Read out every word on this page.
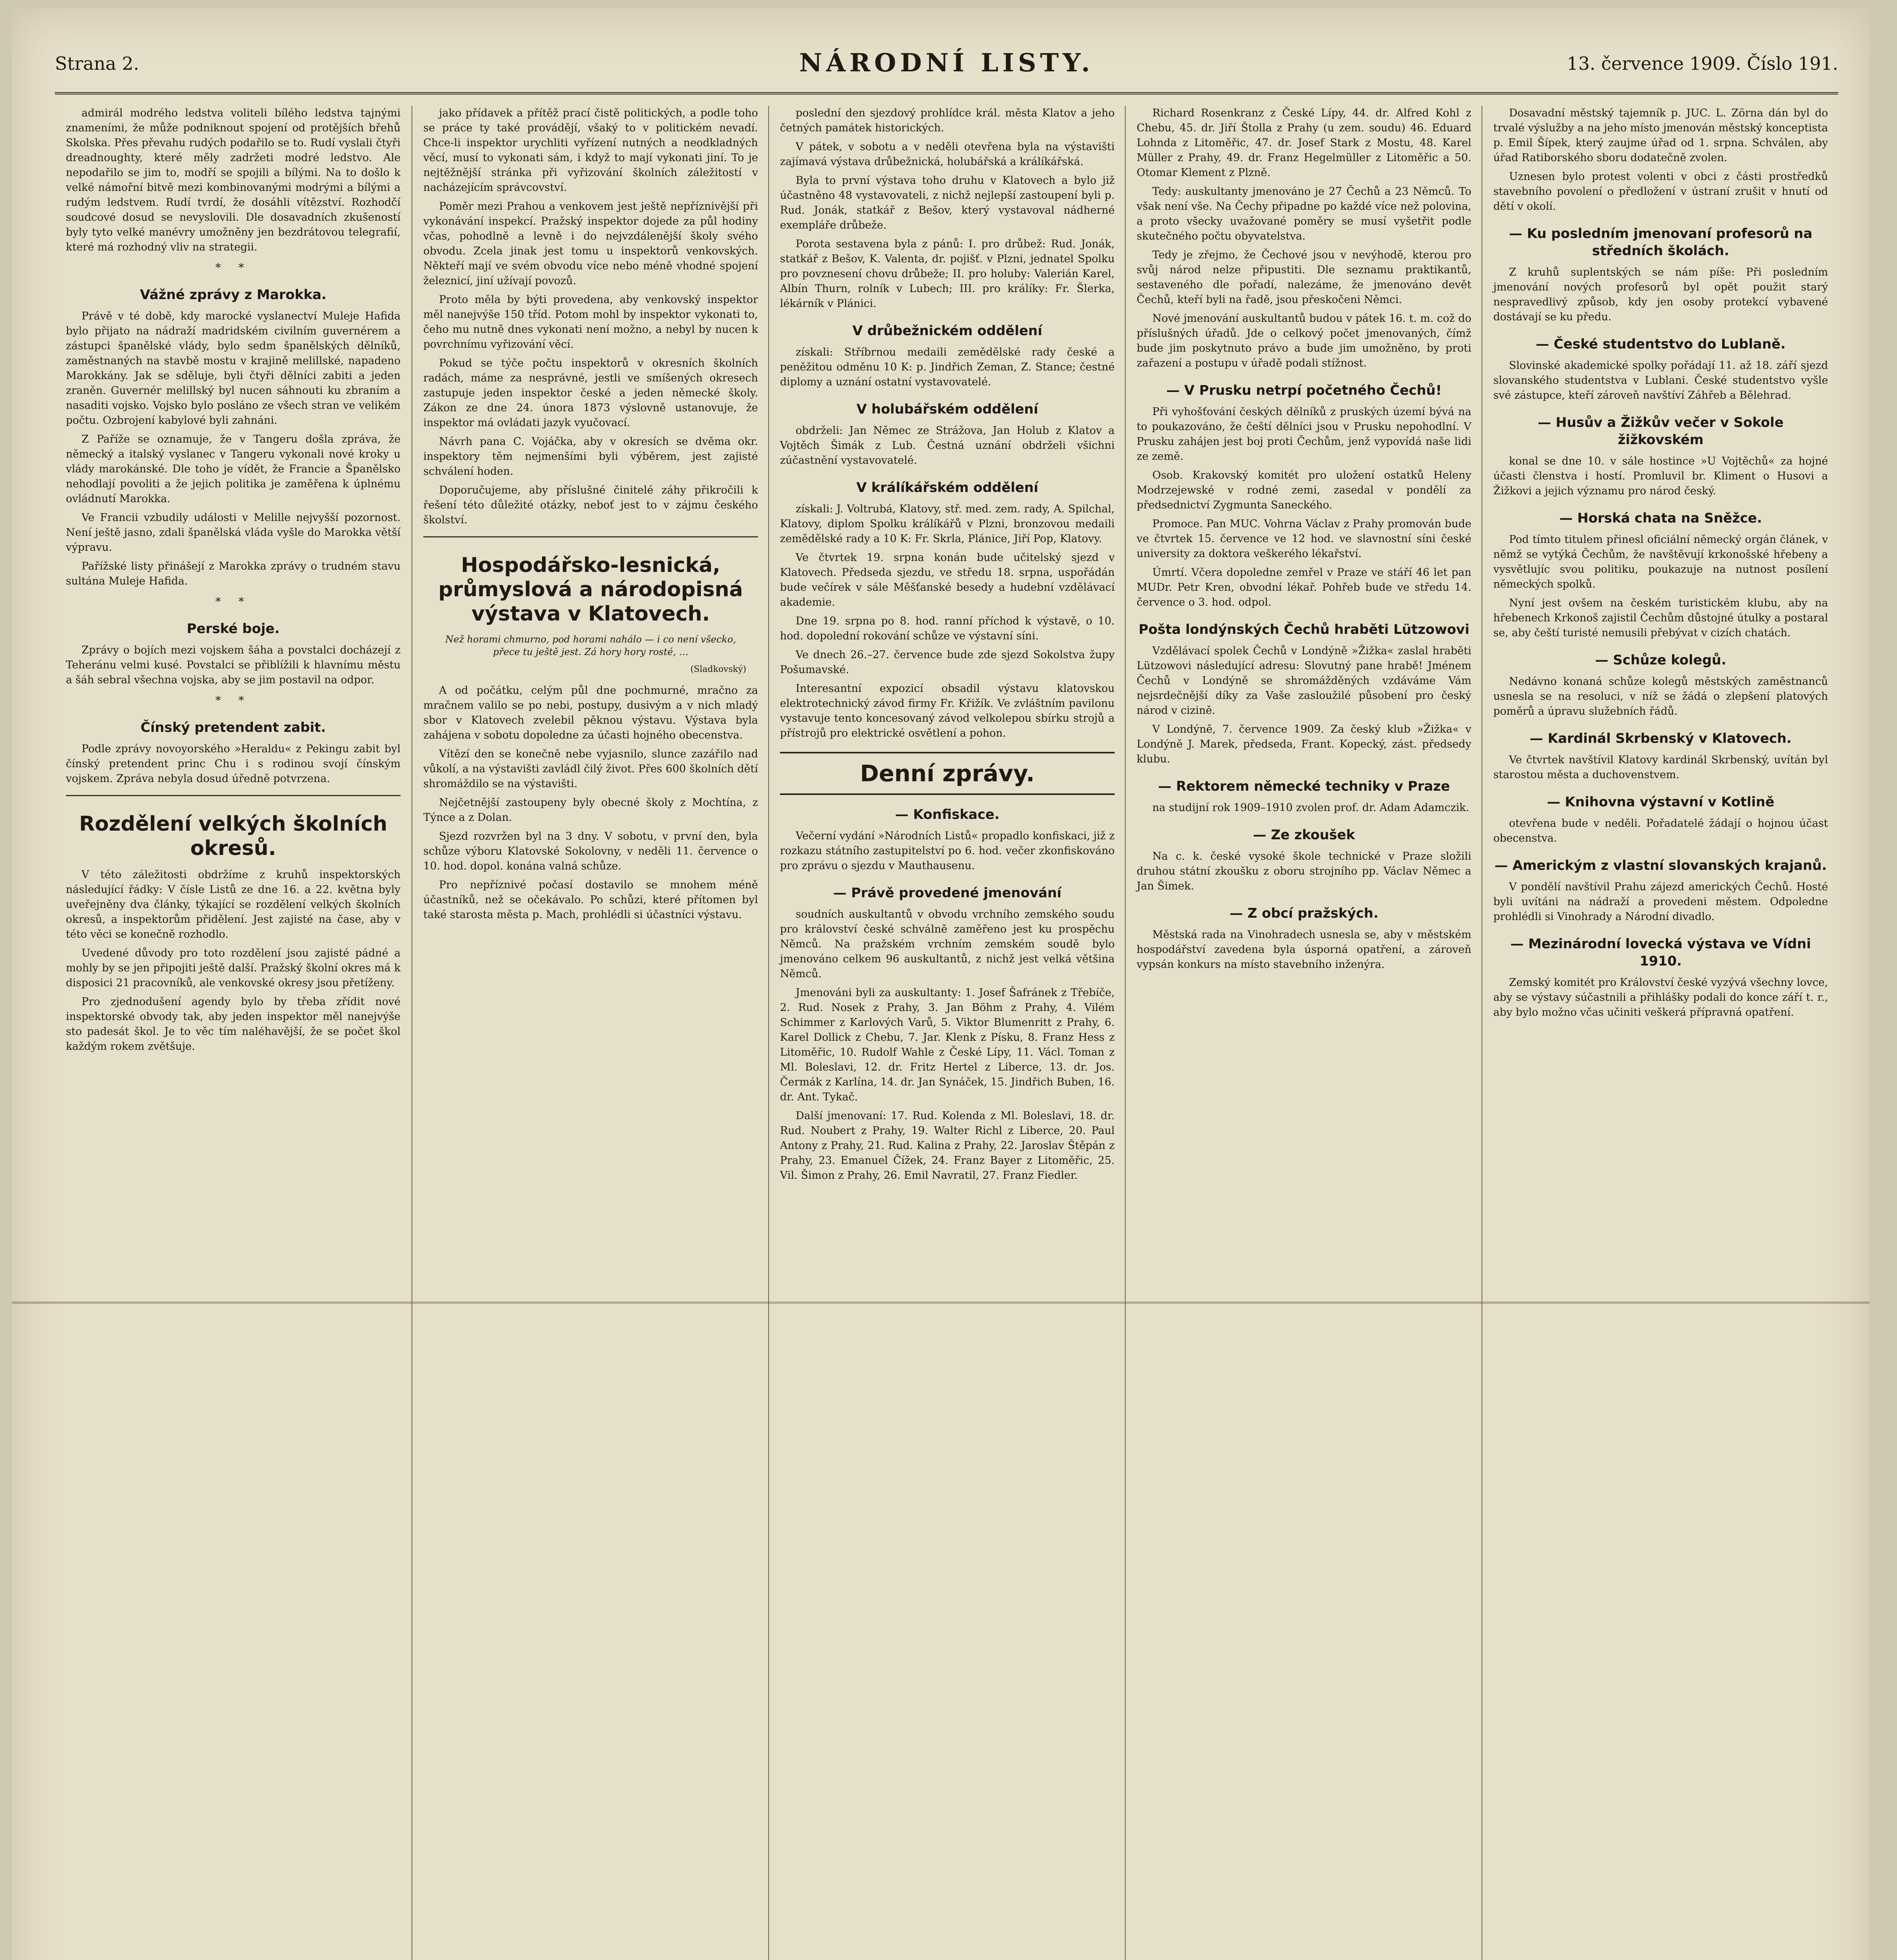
Strana 2.	NÁRODNÍ LISTY.	13. července 1909. Číslo 191.

admirál modrého ledstva voliteli bílého ledstva tajnými znameními, že může podniknout spojení od protějších břehů Skolska. Přes převahu rudých podařilo se to. Rudí vyslali čtyři dreadnoughty, které měly zadržeti modré ledstvo. Ale nepodařilo se jim to, modří se spojili a bílými. Na to došlo k velké námořní bitvě mezi kombinovanými modrými a bílými a rudým ledstvem. Rudí tvrdí, že dosáhli vítězství. Rozhodčí soudcové dosud se nevyslovili. Dle dosavadních zkušeností byly tyto velké manévry umožněny jen bezdrátovou telegrafií, které má rozhodný vliv na strategii.

* *
Vážné zprávy z Marokka.

Právě v té době, kdy marocké vyslanectví Muleje Hafida bylo přijato na nádraží madridském civilním guvernérem a zástupci španělské vlády, bylo sedm španělských dělníků, zaměstnaných na stavbě mostu v krajině melillské, napadeno Marokkány. Jak se sděluje, byli čtyři dělníci zabiti a jeden zraněn. Guvernér melillský byl nucen sáhnouti ku zbraním a nasaditi vojsko. Vojsko bylo posláno ze všech stran ve velikém počtu. Ozbrojení kabylové byli zahnáni.

Z Paříže se oznamuje, že v Tangeru došla zpráva, že německý a italský vyslanec v Tangeru vykonali nové kroky u vlády marokánské. Dle toho je vídět, že Francie a Španělsko nehodlají povoliti a že jejich politika je zaměřena k úplnému ovládnutí Marokka.

Ve Francii vzbudily události v Melille nejvyšší pozornost. Není ještě jasno, zdali španělská vláda vyšle do Marokka větší výpravu.

Pařížské listy přinášejí z Marokka zprávy o trudném stavu sultána Muleje Hafida.

* *
Perské boje.

Zprávy o bojích mezi vojskem šáha a povstalci docházejí z Teheránu velmi kusé. Povstalci se přiblížili k hlavnímu městu a šáh sebral všechna vojska, aby se jim postavil na odpor.

* *
Čínský pretendent zabit.

Podle zprávy novoyorského »Heraldu« z Pekingu zabit byl čínský pretendent princ Chu i s rodinou svojí čínským vojskem. Zpráva nebyla dosud úředně potvrzena.

Rozdělení velkých školních okresů.

V této záležitosti obdržíme z kruhů inspektorských následující řádky: V čísle Listů ze dne 16. a 22. května byly uveřejněny dva články, týkající se rozdělení velkých školních okresů, a inspektorům přidělení. Jest zajisté na čase, aby v této věci se konečně rozhodlo.

Uvedené důvody pro toto rozdělení jsou zajisté pádné a mohly by se jen připojiti ještě další. Pražský školní okres má k disposici 21 pracovníků, ale venkovské okresy jsou přetíženy.

Pro zjednodušení agendy bylo by třeba zřídit nové inspektorské obvody tak, aby jeden inspektor měl nanejvýše sto padesát škol. Je to věc tím naléhavější, že se počet škol každým rokem zvětšuje.

jako přídavek a přítěž prací čistě politických, a podle toho se práce ty také provádějí, všaký to v politickém nevadí. Chce-li inspektor urychliti vyřízení nutných a neodkladných věcí, musí to vykonati sám, i když to mají vykonati jiní. To je nejtěžnější stránka při vyřizování školních záležitostí v nacházejícím správcovství.

Poměr mezi Prahou a venkovem jest ještě nepříznivější při vykonávání inspekcí. Pražský inspektor dojede za půl hodiny včas, pohodlně a levně i do nejvzdálenější školy svého obvodu. Zcela jinak jest tomu u inspektorů venkovských. Někteří mají ve svém obvodu více nebo méně vhodné spojení železnicí, jiní užívají povozů.

Proto měla by býti provedena, aby venkovský inspektor měl nanejvýše 150 tříd. Potom mohl by inspektor vykonati to, čeho mu nutně dnes vykonati není možno, a nebyl by nucen k povrchnímu vyřizování věcí.

Pokud se týče počtu inspektorů v okresních školních radách, máme za nesprávné, jestli ve smíšených okresech zastupuje jeden inspektor české a jeden německé školy. Zákon ze dne 24. února 1873 výslovně ustanovuje, že inspektor má ovládati jazyk vyučovací.

Návrh pana C. Vojáčka, aby v okresích se dvěma okr. inspektory těm nejmenšími byli výběrem, jest zajisté schválení hoden.

Doporučujeme, aby příslušné činitelé záhy přikročili k řešení této důležité otázky, neboť jest to v zájmu českého školství.

Hospodářsko-lesnická, průmyslová a národopisná výstava v Klatovech.
Než horami chmurno, pod horami nahálo — i co není všecko, přece tu ještě jest. Zá hory hory rosté, …
(Sladkovský)

A od počátku, celým půl dne pochmurné, mračno za mračnem valilo se po nebi, postupy, dusivým a v nich mladý sbor v Klatovech zvelebil pěknou výstavu. Výstava byla zahájena v sobotu dopoledne za účasti hojného obecenstva.

Vítězí den se konečně nebe vyjasnilo, slunce zazářilo nad vůkolí, a na výstavišti zavládl čilý život. Přes 600 školních dětí shromáždilo se na výstavišti.

Nejčetnější zastoupeny byly obecné školy z Mochtína, z Týnce a z Dolan.

Sjezd rozvržen byl na 3 dny. V sobotu, v první den, byla schůze výboru Klatovské Sokolovny, v neděli 11. července o 10. hod. dopol. konána valná schůze.

Pro nepříznivé počasí dostavilo se mnohem méně účastníků, než se očekávalo. Po schůzi, které přítomen byl také starosta města p. Mach, prohlédli si účastníci výstavu.

poslední den sjezdový prohlídce král. města Klatov a jeho četných památek historických.

V pátek, v sobotu a v neděli otevřena byla na výstavišti zajímavá výstava drůbežnická, holubářská a králíkářská.

Byla to první výstava toho druhu v Klatovech a bylo již účastněno 48 vystavovateli, z nichž nejlepší zastoupení byli p. Rud. Jonák, statkář z Bešov, který vystavoval nádherné exempláře drůbeže.

Porota sestavena byla z pánů: I. pro drůbež: Rud. Jonák, statkář z Bešov, K. Valenta, dr. pojišť. v Plzni, jednatel Spolku pro povznesení chovu drůbeže; II. pro holuby: Valerián Karel, Albín Thurn, rolník v Lubech; III. pro králíky: Fr. Šlerka, lékárník v Plánici.

V drůbežnickém oddělení

získali: Stříbrnou medaili zemědělské rady české a peněžitou odměnu 10 K: p. Jindřich Zeman, Z. Stance; čestné diplomy a uznání ostatní vystavovatelé.

V holubářském oddělení

obdrželi: Jan Němec ze Strážova, Jan Holub z Klatov a Vojtěch Šimák z Lub. Čestná uznání obdrželi všichni zúčastnění vystavovatelé.

V králíkářském oddělení

získali: J. Voltrubá, Klatovy, stř. med. zem. rady, A. Spilchal, Klatovy, diplom Spolku králíkářů v Plzni, bronzovou medaili zemědělské rady a 10 K: Fr. Skrla, Plánice, Jiří Pop, Klatovy.

Ve čtvrtek 19. srpna konán bude učitelský sjezd v Klatovech. Předseda sjezdu, ve středu 18. srpna, uspořádán bude večírek v sále Měšťanské besedy a hudební vzdělávací akademie.

Dne 19. srpna po 8. hod. ranní příchod k výstavě, o 10. hod. dopolední rokování schůze ve výstavní síni.

Ve dnech 26.–27. července bude zde sjezd Sokolstva župy Pošumavské.

Interesantní expozicí obsadil výstavu klatovskou elektrotechnický závod firmy Fr. Křižík. Ve zvláštním pavilonu vystavuje tento koncesovaný závod velkolepou sbírku strojů a přístrojů pro elektrické osvětlení a pohon.

Denní zprávy.
— Konfiskace.

Večerní vydání »Národních Listů« propadlo konfiskaci, již z rozkazu státního zastupitelství po 6. hod. večer zkonfiskováno pro zprávu o sjezdu v Mauthausenu.

— Právě provedené jmenování

soudních auskultantů v obvodu vrchního zemského soudu pro království české schválně zaměřeno jest ku prospěchu Němců. Na pražském vrchním zemském soudě bylo jmenováno celkem 96 auskultantů, z nichž jest velká většina Němců.

Jmenováni byli za auskultanty: 1. Josef Šafránek z Třebíče, 2. Rud. Nosek z Prahy, 3. Jan Böhm z Prahy, 4. Vilém Schimmer z Karlových Varů, 5. Viktor Blumenritt z Prahy, 6. Karel Dollick z Chebu, 7. Jar. Klenk z Písku, 8. Franz Hess z Litoměřic, 10. Rudolf Wahle z České Lípy, 11. Václ. Toman z Ml. Boleslavi, 12. dr. Fritz Hertel z Liberce, 13. dr. Jos. Čermák z Karlína, 14. dr. Jan Synáček, 15. Jindřich Buben, 16. dr. Ant. Tykač.

Další jmenovaní: 17. Rud. Kolenda z Ml. Boleslavi, 18. dr. Rud. Noubert z Prahy, 19. Walter Richl z Liberce, 20. Paul Antony z Prahy, 21. Rud. Kalina z Prahy, 22. Jaroslav Štěpán z Prahy, 23. Emanuel Čížek, 24. Franz Bayer z Litoměřic, 25. Vil. Šimon z Prahy, 26. Emil Navratil, 27. Franz Fiedler.

Richard Rosenkranz z České Lípy, 44. dr. Alfred Kohl z Chebu, 45. dr. Jiří Štolla z Prahy (u zem. soudu) 46. Eduard Lohnda z Litoměřic, 47. dr. Josef Stark z Mostu, 48. Karel Müller z Prahy, 49. dr. Franz Hegelmüller z Litoměřic a 50. Otomar Klement z Plzně.

Tedy: auskultanty jmenováno je 27 Čechů a 23 Němců. To však není vše. Na Čechy připadne po každé více než polovina, a proto všecky uvažované poměry se musí vyšetřit podle skutečného počtu obyvatelstva.

Tedy je zřejmo, že Čechové jsou v nevýhodě, kterou pro svůj národ nelze připustiti. Dle seznamu praktikantů, sestaveného dle pořadí, nalezáme, že jmenováno devět Čechů, kteří byli na řadě, jsou přeskočeni Němci.

Nové jmenování auskultantů budou v pátek 16. t. m. což do příslušných úřadů. Jde o celkový počet jmenovaných, čímž bude jim poskytnuto právo a bude jim umožněno, by proti zařazení a postupu v úřadě podali stížnost.

— V Prusku netrpí početného Čechů!

Při vyhošťování českých dělníků z pruských území bývá na to poukazováno, že čeští dělníci jsou v Prusku nepohodlní. V Prusku zahájen jest boj proti Čechům, jenž vypovídá naše lidi ze země.

Osob. Krakovský komitét pro uložení ostatků Heleny Modrzejewské v rodné zemi, zasedal v pondělí za předsednictví Zygmunta Saneckého.

Promoce. Pan MUC. Vohrna Václav z Prahy promován bude ve čtvrtek 15. července ve 12 hod. ve slavnostní síni české university za doktora veškerého lékařství.

Úmrtí. Včera dopoledne zemřel v Praze ve stáří 46 let pan MUDr. Petr Kren, obvodní lékař. Pohřeb bude ve středu 14. července o 3. hod. odpol.

Pošta londýnských Čechů hraběti Lützowovi

Vzdělávací spolek Čechů v Londýně »Žižka« zaslal hraběti Lützowovi následující adresu: Slovutný pane hrabě! Jménem Čechů v Londýně se shromážděných vzdáváme Vám nejsrdečnější díky za Vaše zasloužilé působení pro český národ v cizině.

V Londýně, 7. července 1909. Za český klub »Žižka« v Londýně J. Marek, předseda, Frant. Kopecký, zást. předsedy klubu.

— Rektorem německé techniky v Praze

na studijní rok 1909–1910 zvolen prof. dr. Adam Adamczik.

— Ze zkoušek

Na c. k. české vysoké škole technické v Praze složili druhou státní zkoušku z oboru strojního pp. Václav Němec a Jan Šimek.

— Z obcí pražských.

Městská rada na Vinohradech usnesla se, aby v městském hospodářství zavedena byla úsporná opatření, a zároveň vypsán konkurs na místo stavebního inženýra.

Dosavadní městský tajemník p. JUC. L. Zörna dán byl do trvalé výslužby a na jeho místo jmenován městský konceptista p. Emil Šípek, který zaujme úřad od 1. srpna. Schválen, aby úřad Ratiborského sboru dodatečně zvolen.

Uznesen bylo protest volenti v obci z části prostředků stavebního povolení o předložení v ústraní zrušit v hnutí od dětí v okolí.

— Ku posledním jmenovaní profesorů na středních školách.

Z kruhů suplentských se nám píše: Při posledním jmenování nových profesorů byl opět použit starý nespravedlivý způsob, kdy jen osoby protekcí vybavené dostávají se ku předu.

— České studentstvo do Lublaně.

Slovinské akademické spolky pořádají 11. až 18. září sjezd slovanského studentstva v Lublani. České studentstvo vyšle své zástupce, kteří zároveň navštíví Záhřeb a Bělehrad.

— Husův a Žižkův večer v Sokole žižkovském

konal se dne 10. v sále hostince »U Vojtěchů« za hojné účasti členstva i hostí. Promluvil br. Kliment o Husovi a Žižkovi a jejich významu pro národ český.

— Horská chata na Sněžce.

Pod tímto titulem přinesl oficiální německý orgán článek, v němž se vytýká Čechům, že navštěvují krkonošské hřebeny a vysvětlujíc svou politiku, poukazuje na nutnost posílení německých spolků.

Nyní jest ovšem na českém turistickém klubu, aby na hřebenech Krkonoš zajistil Čechům důstojné útulky a postaral se, aby čeští turisté nemusili přebývat v cizích chatách.

— Schůze kolegů.

Nedávno konaná schůze kolegů městských zaměstnanců usnesla se na resoluci, v níž se žádá o zlepšení platových poměrů a úpravu služebních řádů.

— Kardinál Skrbenský v Klatovech.

Ve čtvrtek navštívil Klatovy kardinál Skrbenský, uvítán byl starostou města a duchovenstvem.

— Knihovna výstavní v Kotlině

otevřena bude v neděli. Pořadatelé žádají o hojnou účast obecenstva.

— Americkým z vlastní slovanských krajanů.

V pondělí navštívil Prahu zájezd amerických Čechů. Hosté byli uvítáni na nádraží a provedeni městem. Odpoledne prohlédli si Vinohrady a Národní divadlo.

— Mezinárodní lovecká výstava ve Vídni 1910.

Zemský komitét pro Království české vyzývá všechny lovce, aby se výstavy súčastnili a přihlášky podali do konce září t. r., aby bylo možno včas učiniti veškerá přípravná opatření.
